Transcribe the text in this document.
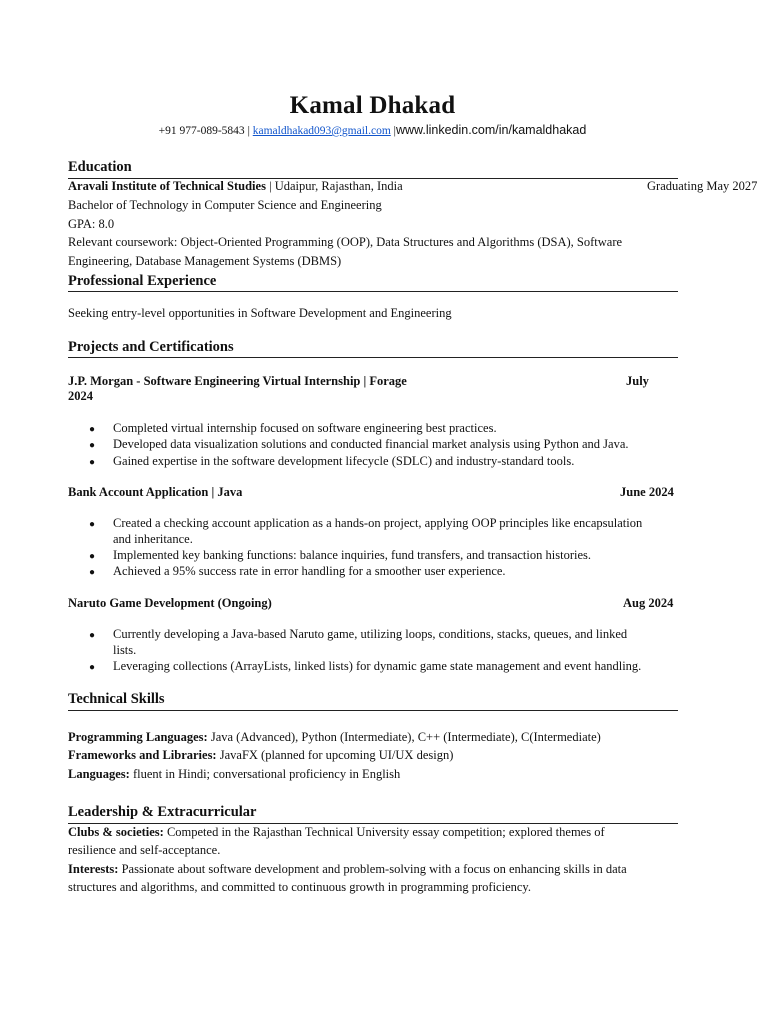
Kamal Dhakad
+91 977-089-5843 | kamaldhakad093@gmail.com |www.linkedin.com/in/kamaldhakad
Education
Aravali Institute of Technical Studies | Udaipur, Rajasthan, India	Graduating May 2027
Bachelor of Technology in Computer Science and Engineering
GPA: 8.0
Relevant coursework: Object-Oriented Programming (OOP), Data Structures and Algorithms (DSA), Software
Engineering, Database Management Systems (DBMS)
Professional Experience
Seeking entry-level opportunities in Software Development and Engineering
Projects and Certifications
J.P. Morgan - Software Engineering Virtual Internship | Forage	July
2024
● Completed virtual internship focused on software engineering best practices.
● Developed data visualization solutions and conducted financial market analysis using Python and Java.
● Gained expertise in the software development lifecycle (SDLC) and industry-standard tools.
Bank Account Application | Java	June 2024
● Created a checking account application as a hands-on project, applying OOP principles like encapsulation
and inheritance.
● Implemented key banking functions: balance inquiries, fund transfers, and transaction histories.
● Achieved a 95% success rate in error handling for a smoother user experience.
Naruto Game Development (Ongoing)	Aug 2024
● Currently developing a Java-based Naruto game, utilizing loops, conditions, stacks, queues, and linked
lists.
● Leveraging collections (ArrayLists, linked lists) for dynamic game state management and event handling.
Technical Skills
Programming Languages: Java (Advanced), Python (Intermediate), C++ (Intermediate), C(Intermediate)
Frameworks and Libraries: JavaFX (planned for upcoming UI/UX design)
Languages: fluent in Hindi; conversational proficiency in English
Leadership & Extracurricular
Clubs & societies: Competed in the Rajasthan Technical University essay competition; explored themes of
resilience and self-acceptance.
Interests: Passionate about software development and problem-solving with a focus on enhancing skills in data
structures and algorithms, and committed to continuous growth in programming proficiency.
